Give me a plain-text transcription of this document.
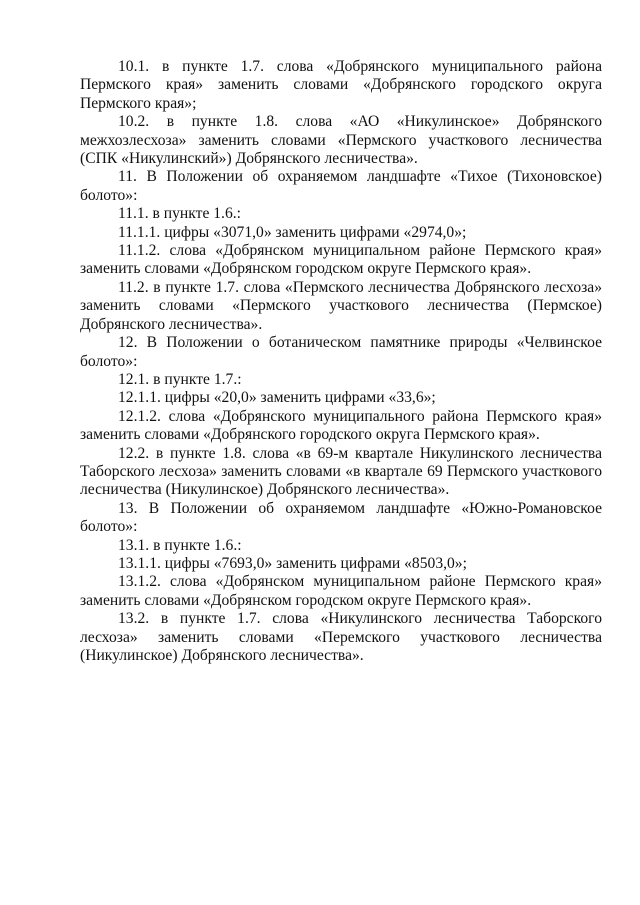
10.1. в пункте 1.7. слова «Добрянского муниципального района Пермского края» заменить словами «Добрянского городского округа Пермского края»;

10.2. в пункте 1.8. слова «АО «Никулинское» Добрянского межхозлесхоза» заменить словами «Пермского участкового лесничества (СПК «Никулинский») Добрянского лесничества».

11. В Положении об охраняемом ландшафте «Тихое (Тихоновское) болото»:

11.1. в пункте 1.6.:

11.1.1. цифры «3071,0» заменить цифрами «2974,0»;

11.1.2. слова «Добрянском муниципальном районе Пермского края» заменить словами «Добрянском городском округе Пермского края».

11.2. в пункте 1.7. слова «Пермского лесничества Добрянского лесхоза» заменить словами «Пермского участкового лесничества (Пермское) Добрянского лесничества».

12. В Положении о ботаническом памятнике природы «Челвинское болото»:

12.1. в пункте 1.7.:

12.1.1. цифры «20,0» заменить цифрами «33,6»;

12.1.2. слова «Добрянского муниципального района Пермского края» заменить словами «Добрянского городского округа Пермского края».

12.2. в пункте 1.8. слова «в 69-м квартале Никулинского лесничества Таборского лесхоза» заменить словами «в квартале 69 Пермского участкового лесничества (Никулинское) Добрянского лесничества».

13. В Положении об охраняемом ландшафте «Южно-Романовское болото»:

13.1. в пункте 1.6.:

13.1.1. цифры «7693,0» заменить цифрами «8503,0»;

13.1.2. слова «Добрянском муниципальном районе Пермского края» заменить словами «Добрянском городском округе Пермского края».

13.2. в пункте 1.7. слова «Никулинского лесничества Таборского лесхоза» заменить словами «Перемского участкового лесничества (Никулинское) Добрянского лесничества».
